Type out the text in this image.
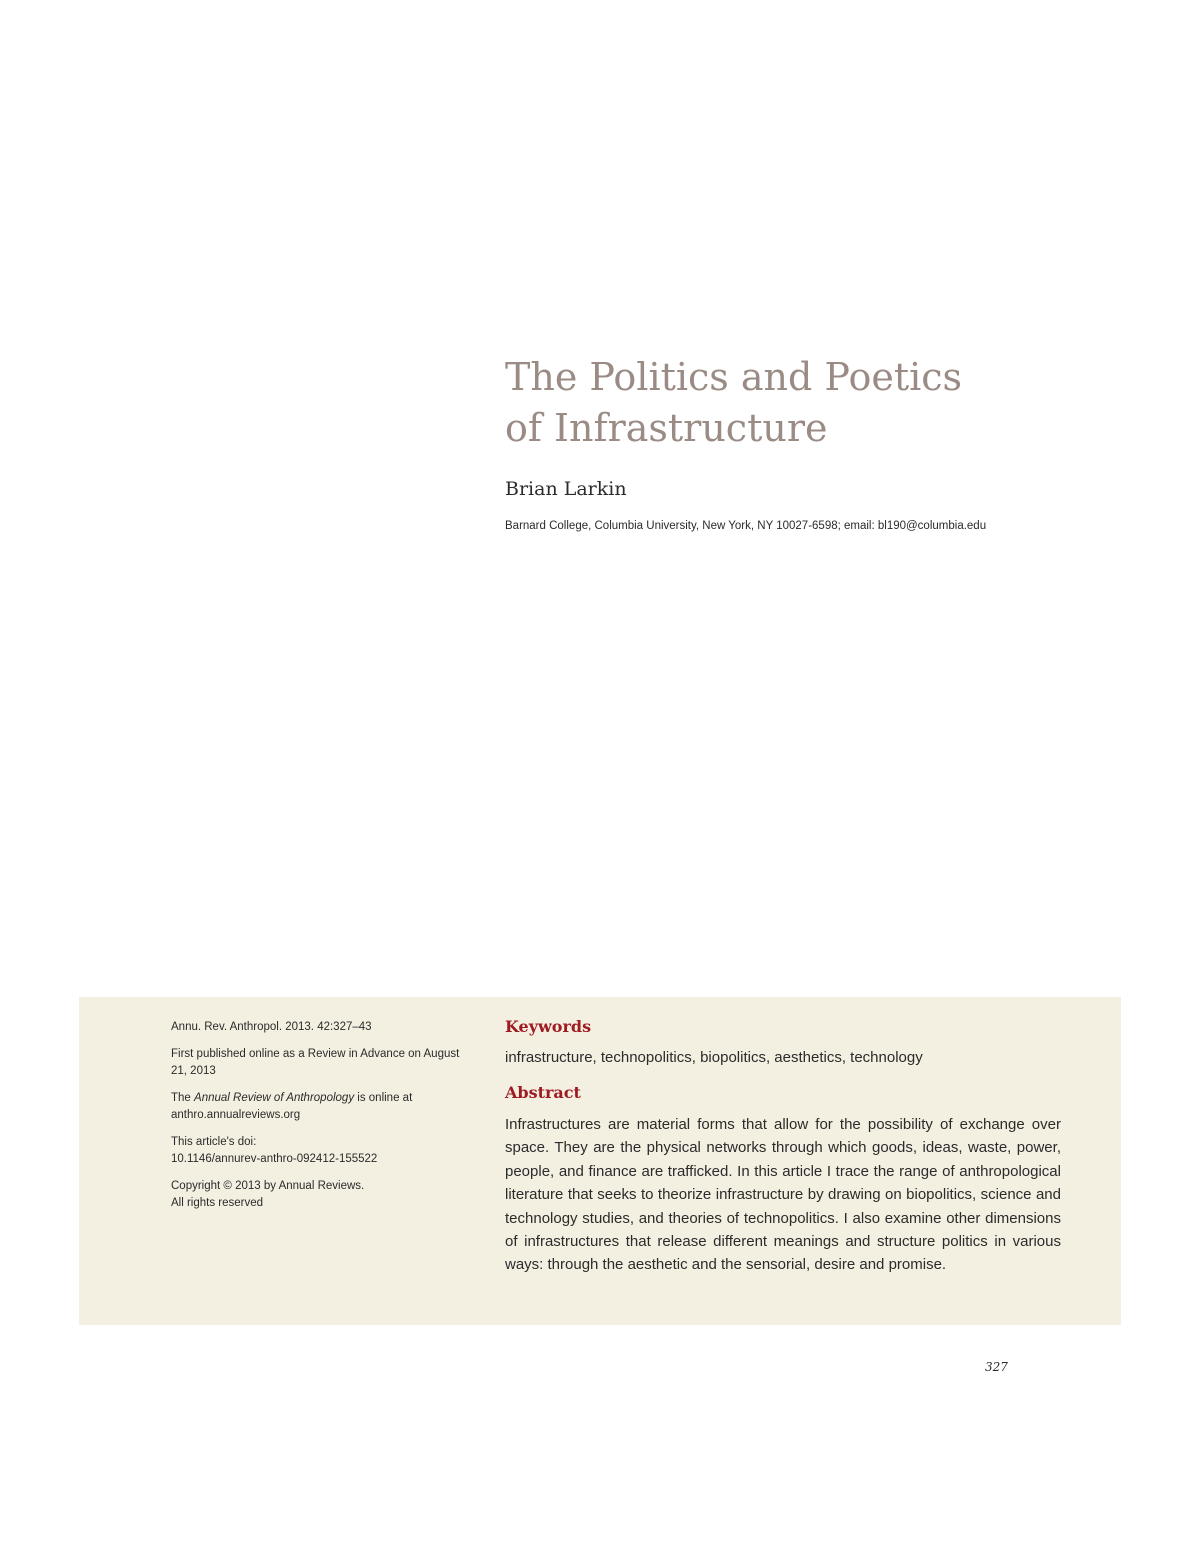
The Politics and Poetics
of Infrastructure
Brian Larkin
Barnard College, Columbia University, New York, NY 10027-6598; email: bl190@columbia.edu

Annu. Rev. Anthropol. 2013. 42:327–43

First published online as a Review in Advance on August 21, 2013

The Annual Review of Anthropology is online at anthro.annualreviews.org

This article's doi:
10.1146/annurev-anthro-092412-155522

Copyright © 2013 by Annual Reviews.
All rights reserved

Keywords

infrastructure, technopolitics, biopolitics, aesthetics, technology

Abstract

Infrastructures are material forms that allow for the possibility of exchange over space. They are the physical networks through which goods, ideas, waste, power, people, and finance are trafficked. In this article I trace the range of anthropological literature that seeks to theorize infrastructure by drawing on biopolitics, science and technology studies, and theories of technopolitics. I also examine other dimensions of infrastructures that release different meanings and structure politics in various ways: through the aesthetic and the sensorial, desire and promise.

327
